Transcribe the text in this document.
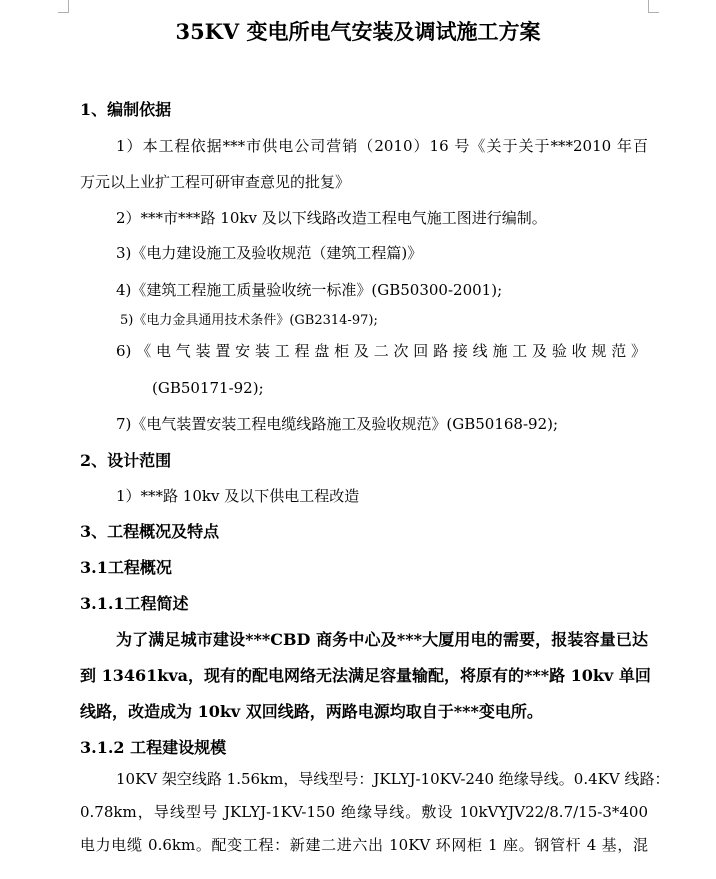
35KV 变电所电气安装及调试施工方案
1、编制依据
1）本工程依据***市供电公司营销（2010）16 号《关于关于***2010 年百
万元以上业扩工程可研审查意见的批复》
2）***市***路 10kv 及以下线路改造工程电气施工图进行编制。
3)《电力建设施工及验收规范（建筑工程篇)》
4)《建筑工程施工质量验收统一标准》(GB50300-2001);
5)《电力金具通用技术条件》(GB2314-97);
6)《电气装置安装工程盘柜及二次回路接线施工及验收规范》
(GB50171-92);
7)《电气装置安装工程电缆线路施工及验收规范》(GB50168-92);
2、设计范围
1）***路 10kv 及以下供电工程改造
3、工程概况及特点
3.1工程概况
3.1.1工程简述
为了满足城市建设***CBD 商务中心及***大厦用电的需要，报装容量已达
到 13461kva，现有的配电网络无法满足容量输配，将原有的***路 10kv 单回
线路，改造成为 10kv 双回线路，两路电源均取自于***变电所。
3.1.2 工程建设规模
10KV 架空线路 1.56km，导线型号：JKLYJ-10KV-240 绝缘导线。0.4KV 线路：
0.78km，导线型号 JKLYJ-1KV-150 绝缘导线。敷设 10kVYJV22/8.7/15-3*400
电力电缆 0.6km。配变工程：新建二进六出 10KV 环网柜 1 座。钢管杆 4 基，混
